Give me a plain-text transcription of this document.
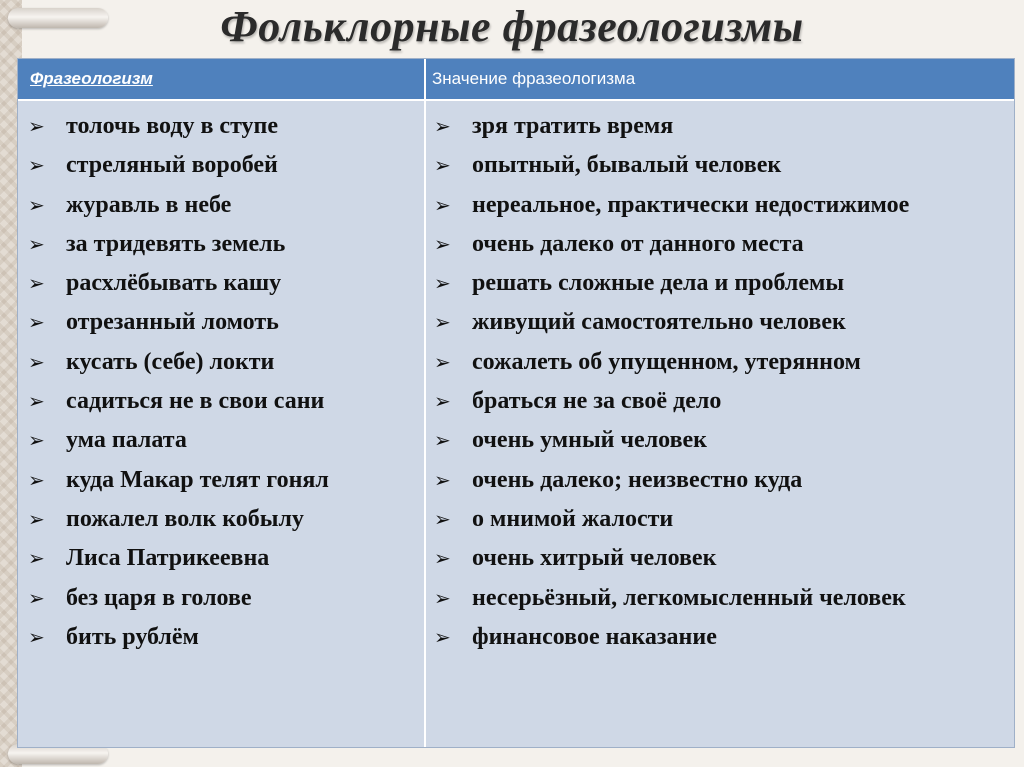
Фольклорные фразеологизмы
Фразеологизм	Значение фразеологизма
➢ толочь воду в ступе
➢ стреляный воробей
➢ журавль в небе
➢ за тридевять земель
➢ расхлёбывать кашу
➢ отрезанный ломоть
➢ кусать (себе) локти
➢ садиться не в свои сани
➢ ума палата
➢ куда Макар телят гонял
➢ пожалел волк кобылу
➢ Лиса Патрикеевна
➢ без царя в голове
➢ бить рублём
➢ зря тратить время
➢ опытный, бывалый человек
➢ нереальное, практически недостижимое
➢ очень далеко от данного места
➢ решать сложные дела и проблемы
➢ живущий самостоятельно человек
➢ сожалеть об упущенном, утерянном
➢ браться не за своё дело
➢ очень умный человек
➢ очень далеко; неизвестно куда
➢ о мнимой жалости
➢ очень хитрый человек
➢ несерьёзный, легкомысленный человек
➢ финансовое наказание
